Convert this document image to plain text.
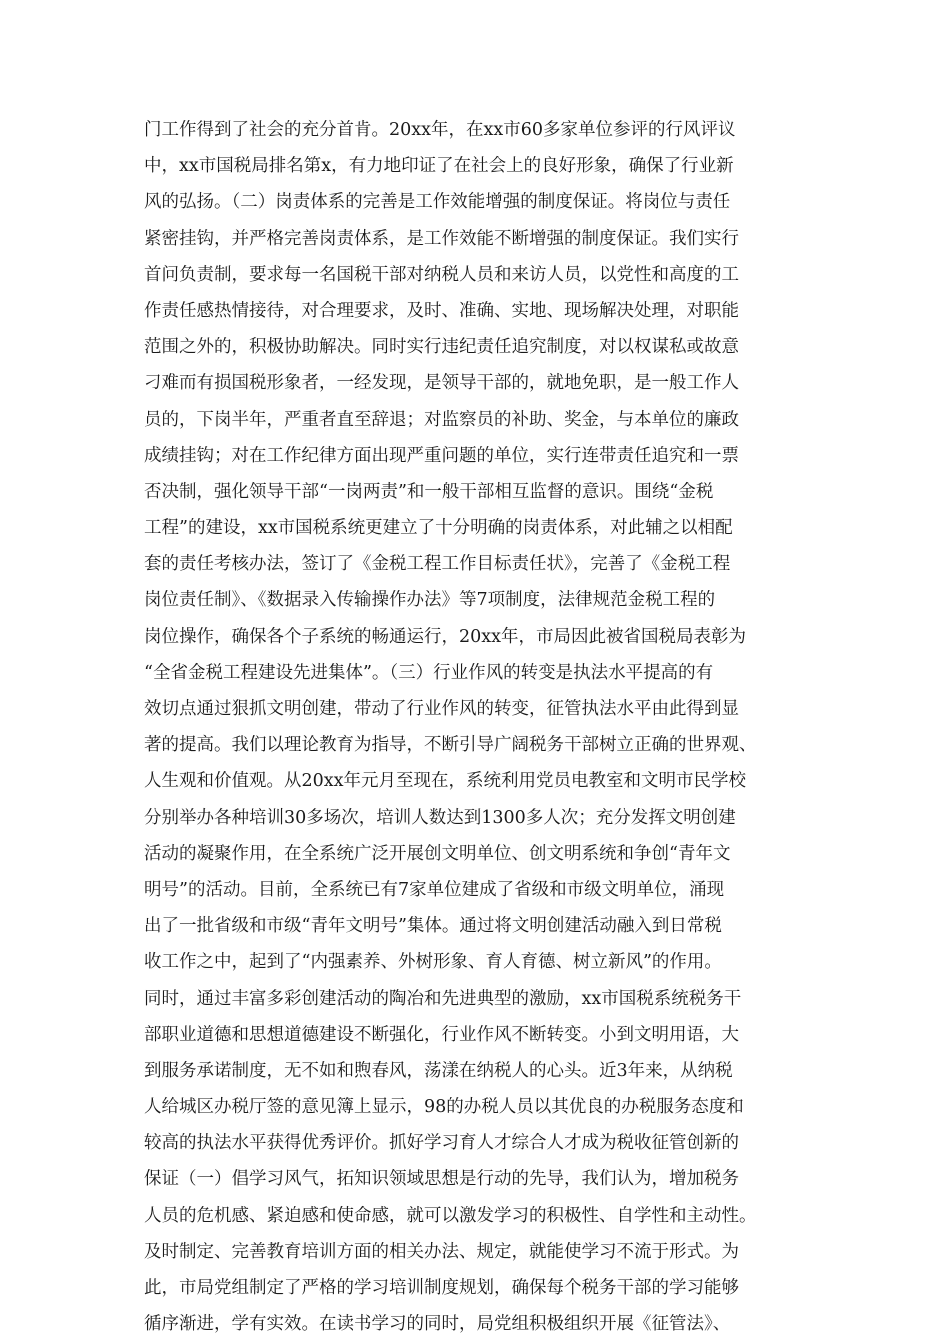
门工作得到了社会的充分首肯。20xx年，在xx市60多家单位参评的行风评议
中，xx市国税局排名第x，有力地印证了在社会上的良好形象，确保了行业新
风的弘扬。（二）岗责体系的完善是工作效能增强的制度保证。将岗位与责任
紧密挂钩，并严格完善岗责体系，是工作效能不断增强的制度保证。我们实行
首问负责制，要求每一名国税干部对纳税人员和来访人员，以党性和高度的工
作责任感热情接待，对合理要求，及时、准确、实地、现场解决处理，对职能
范围之外的，积极协助解决。同时实行违纪责任追究制度，对以权谋私或故意
刁难而有损国税形象者，一经发现，是领导干部的，就地免职，是一般工作人
员的，下岗半年，严重者直至辞退；对监察员的补助、奖金，与本单位的廉政
成绩挂钩；对在工作纪律方面出现严重问题的单位，实行连带责任追究和一票
否决制，强化领导干部“一岗两责”和一般干部相互监督的意识。围绕“金税
工程”的建设，xx市国税系统更建立了十分明确的岗责体系，对此辅之以相配
套的责任考核办法，签订了《金税工程工作目标责任状》，完善了《金税工程
岗位责任制》、《数据录入传输操作办法》等7项制度，法律规范金税工程的
岗位操作，确保各个子系统的畅通运行，20xx年，市局因此被省国税局表彰为
“全省金税工程建设先进集体”。（三）行业作风的转变是执法水平提高的有
效切点通过狠抓文明创建，带动了行业作风的转变，征管执法水平由此得到显
著的提高。我们以理论教育为指导，不断引导广阔税务干部树立正确的世界观、
人生观和价值观。从20xx年元月至现在，系统利用党员电教室和文明市民学校
分别举办各种培训30多场次，培训人数达到1300多人次；充分发挥文明创建
活动的凝聚作用，在全系统广泛开展创文明单位、创文明系统和争创“青年文
明号”的活动。目前，全系统已有7家单位建成了省级和市级文明单位，涌现
出了一批省级和市级“青年文明号”集体。通过将文明创建活动融入到日常税
收工作之中，起到了“内强素养、外树形象、育人育德、树立新风”的作用。
同时，通过丰富多彩创建活动的陶冶和先进典型的激励，xx市国税系统税务干
部职业道德和思想道德建设不断强化，行业作风不断转变。小到文明用语，大
到服务承诺制度，无不如和煦春风，荡漾在纳税人的心头。近3年来，从纳税
人给城区办税厅签的意见簿上显示，98的办税人员以其优良的办税服务态度和
较高的执法水平获得优秀评价。抓好学习育人才综合人才成为税收征管创新的
保证（一）倡学习风气，拓知识领域思想是行动的先导，我们认为，增加税务
人员的危机感、紧迫感和使命感，就可以激发学习的积极性、自学性和主动性。
及时制定、完善教育培训方面的相关办法、规定，就能使学习不流于形式。为
此，市局党组制定了严格的学习培训制度规划，确保每个税务干部的学习能够
循序渐进，学有实效。在读书学习的同时，局党组积极组织开展《征管法》、
